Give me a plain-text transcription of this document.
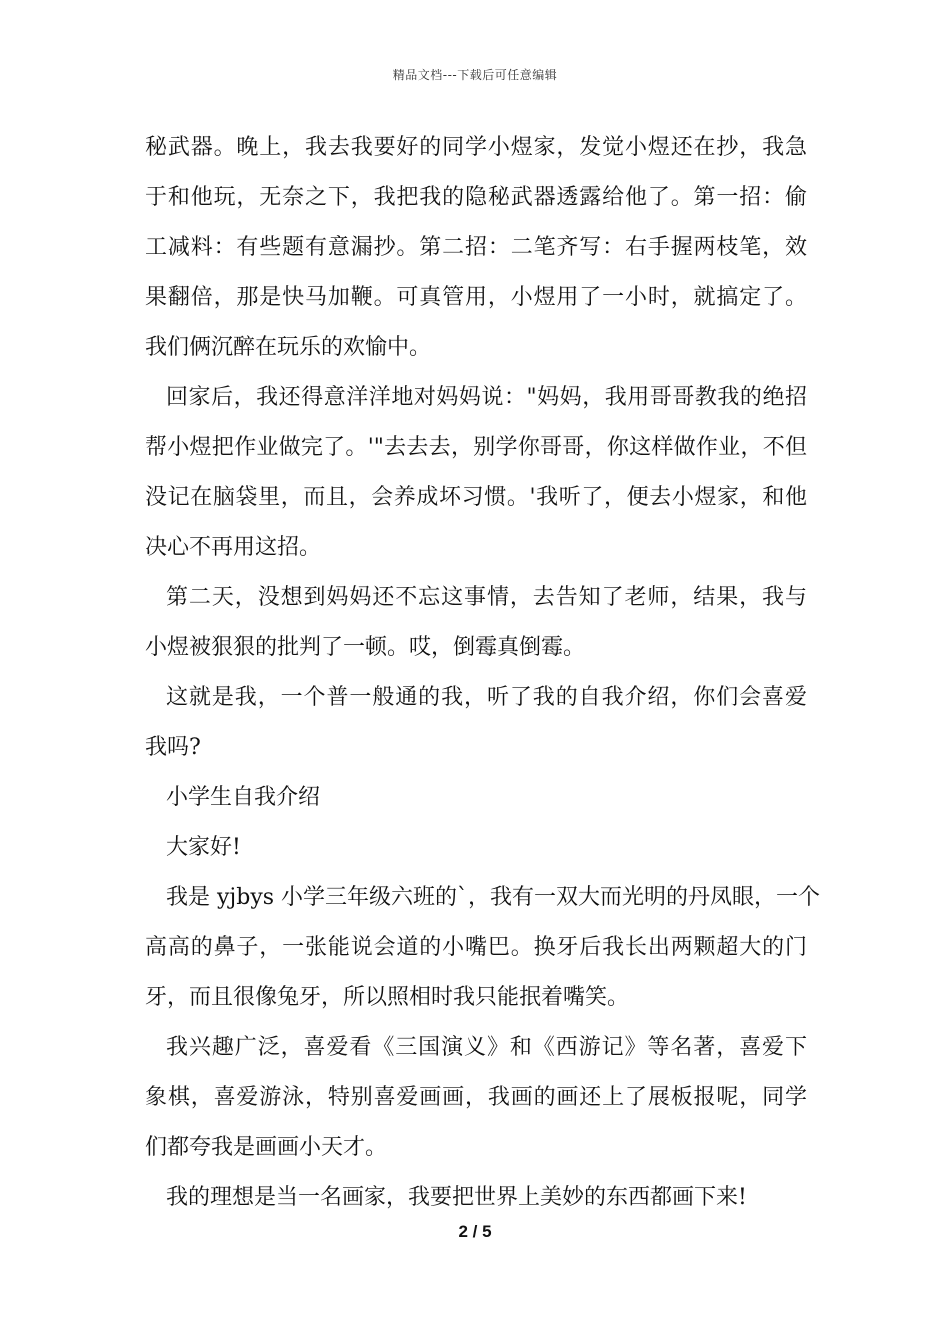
精品文档---下载后可任意编辑
秘武器。晚上，我去我要好的同学小煜家，发觉小煜还在抄，我急
于和他玩，无奈之下，我把我的隐秘武器透露给他了。第一招：偷
工减料：有些题有意漏抄。第二招：二笔齐写：右手握两枝笔，效
果翻倍，那是快马加鞭。可真管用，小煜用了一小时，就搞定了。
我们俩沉醉在玩乐的欢愉中。
回家后，我还得意洋洋地对妈妈说："妈妈，我用哥哥教我的绝招
帮小煜把作业做完了。'"去去去，别学你哥哥，你这样做作业，不但
没记在脑袋里，而且，会养成坏习惯。'我听了，便去小煜家，和他
决心不再用这招。
第二天，没想到妈妈还不忘这事情，去告知了老师，结果，我与
小煜被狠狠的批判了一顿。哎，倒霉真倒霉。
这就是我，一个普一般通的我，听了我的自我介绍，你们会喜爱
我吗?
小学生自我介绍
大家好!
我是 yjbys 小学三年级六班的`，我有一双大而光明的丹凤眼，一个
高高的鼻子，一张能说会道的小嘴巴。换牙后我长出两颗超大的门
牙，而且很像兔牙，所以照相时我只能抿着嘴笑。
我兴趣广泛，喜爱看《三国演义》和《西游记》等名著，喜爱下
象棋，喜爱游泳，特别喜爱画画，我画的画还上了展板报呢，同学
们都夸我是画画小天才。
我的理想是当一名画家，我要把世界上美妙的东西都画下来!
2 / 5
